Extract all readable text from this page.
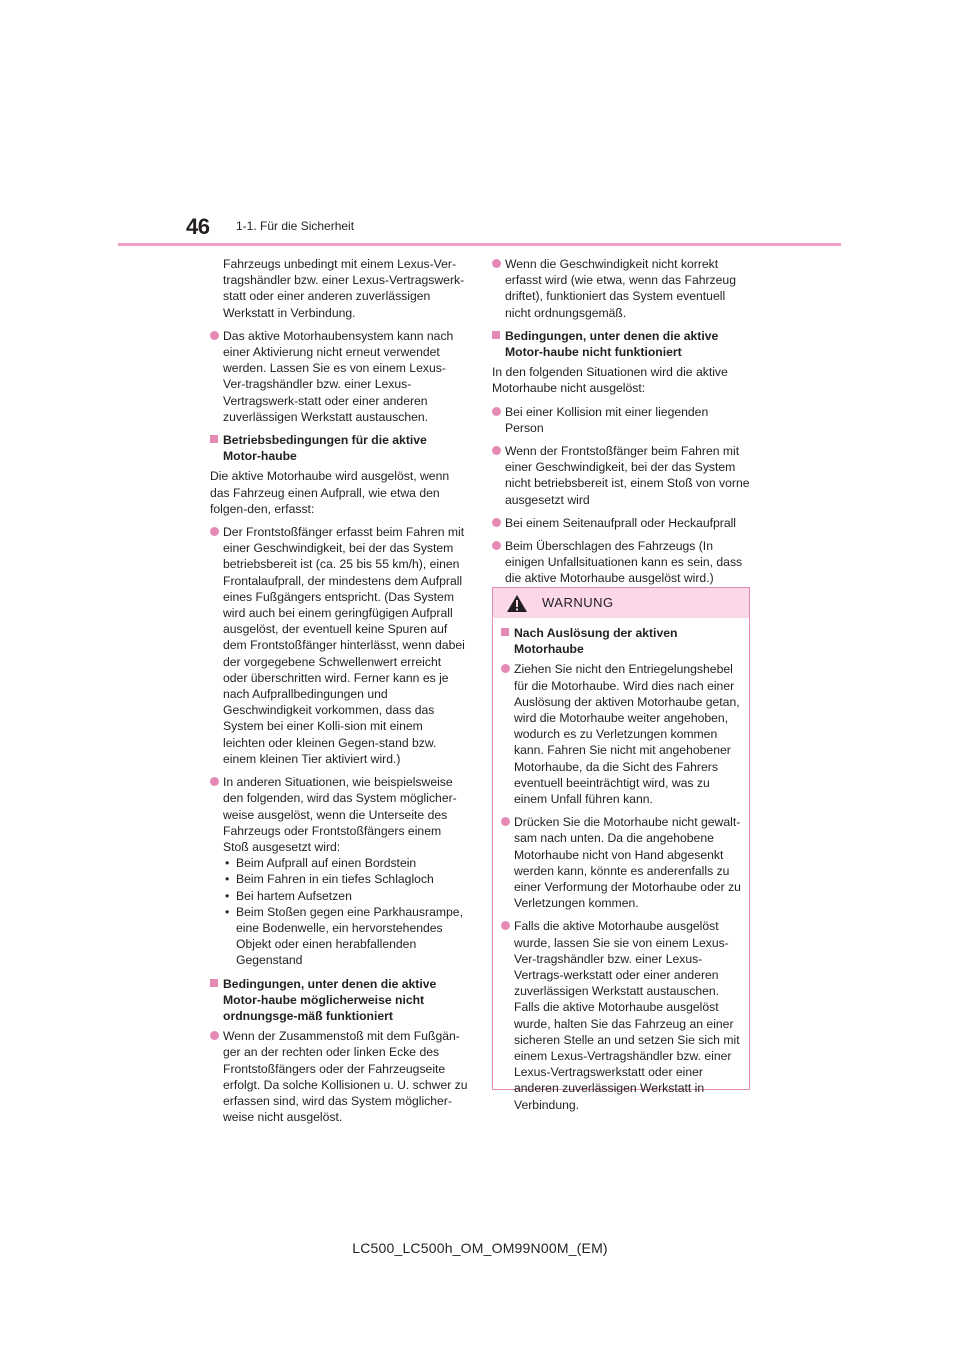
46 1-1. Für die Sicherheit

Fahrzeugs unbedingt mit einem Lexus-Ver-tragshändler bzw. einer Lexus-Vertragswerk-statt oder einer anderen zuverlässigen Werkstatt in Verbindung.

Das aktive Motorhaubensystem kann nach einer Aktivierung nicht erneut verwendet werden. Lassen Sie es von einem Lexus-Ver-tragshändler bzw. einer Lexus-Vertragswerk-statt oder einer anderen zuverlässigen Werkstatt austauschen.
Betriebsbedingungen für die aktive Motor-haube

Die aktive Motorhaube wird ausgelöst, wenn das Fahrzeug einen Aufprall, wie etwa den folgen-den, erfasst:

Der Frontstoßfänger erfasst beim Fahren mit einer Geschwindigkeit, bei der das System betriebsbereit ist (ca. 25 bis 55 km/h), einen Frontalaufprall, der mindestens dem Aufprall eines Fußgängers entspricht. (Das System wird auch bei einem geringfügigen Aufprall ausgelöst, der eventuell keine Spuren auf dem Frontstoßfänger hinterlässt, wenn dabei der vorgegebene Schwellenwert erreicht oder überschritten wird. Ferner kann es je nach Aufprallbedingungen und Geschwindigkeit vorkommen, dass das System bei einer Kolli-sion mit einem leichten oder kleinen Gegen-stand bzw. einem kleinen Tier aktiviert wird.)
In anderen Situationen, wie beispielsweise den folgenden, wird das System möglicher-weise ausgelöst, wenn die Unterseite des Fahrzeugs oder Frontstoßfängers einem Stoß ausgesetzt wird:
• Beim Aufprall auf einen Bordstein
• Beim Fahren in ein tiefes Schlagloch
• Bei hartem Aufsetzen
• Beim Stoßen gegen eine Parkhausrampe, eine Bodenwelle, ein hervorstehendes Objekt oder einen herabfallenden Gegenstand
Bedingungen, unter denen die aktive Motor-haube möglicherweise nicht ordnungsge-mäß funktioniert
Wenn der Zusammenstoß mit dem Fußgän-ger an der rechten oder linken Ecke des Frontstoßfängers oder der Fahrzeugseite erfolgt. Da solche Kollisionen u. U. schwer zu erfassen sind, wird das System möglicher-weise nicht ausgelöst.
Wenn die Geschwindigkeit nicht korrekt erfasst wird (wie etwa, wenn das Fahrzeug driftet), funktioniert das System eventuell nicht ordnungsgemäß.
Bedingungen, unter denen die aktive Motor-haube nicht funktioniert

In den folgenden Situationen wird die aktive Motorhaube nicht ausgelöst:

Bei einer Kollision mit einer liegenden Person
Wenn der Frontstoßfänger beim Fahren mit einer Geschwindigkeit, bei der das System nicht betriebsbereit ist, einem Stoß von vorne ausgesetzt wird
Bei einem Seitenaufprall oder Heckaufprall
Beim Überschlagen des Fahrzeugs (In einigen Unfallsituationen kann es sein, dass die aktive Motorhaube ausgelöst wird.)
WARNUNG
Nach Auslösung der aktiven Motorhaube
Ziehen Sie nicht den Entriegelungshebel für die Motorhaube. Wird dies nach einer Auslösung der aktiven Motorhaube getan, wird die Motorhaube weiter angehoben, wodurch es zu Verletzungen kommen kann. Fahren Sie nicht mit angehobener Motorhaube, da die Sicht des Fahrers eventuell beeinträchtigt wird, was zu einem Unfall führen kann.
Drücken Sie die Motorhaube nicht gewalt-sam nach unten. Da die angehobene Motorhaube nicht von Hand abgesenkt werden kann, könnte es anderenfalls zu einer Verformung der Motorhaube oder zu Verletzungen kommen.
Falls die aktive Motorhaube ausgelöst wurde, lassen Sie sie von einem Lexus-Ver-tragshändler bzw. einer Lexus-Vertrags-werkstatt oder einer anderen zuverlässigen Werkstatt austauschen. Falls die aktive Motorhaube ausgelöst wurde, halten Sie das Fahrzeug an einer sicheren Stelle an und setzen Sie sich mit einem Lexus-Vertragshändler bzw. einer Lexus-Vertragswerkstatt oder einer anderen zuverlässigen Werkstatt in Verbindung.
LC500_LC500h_OM_OM99N00M_(EM)
